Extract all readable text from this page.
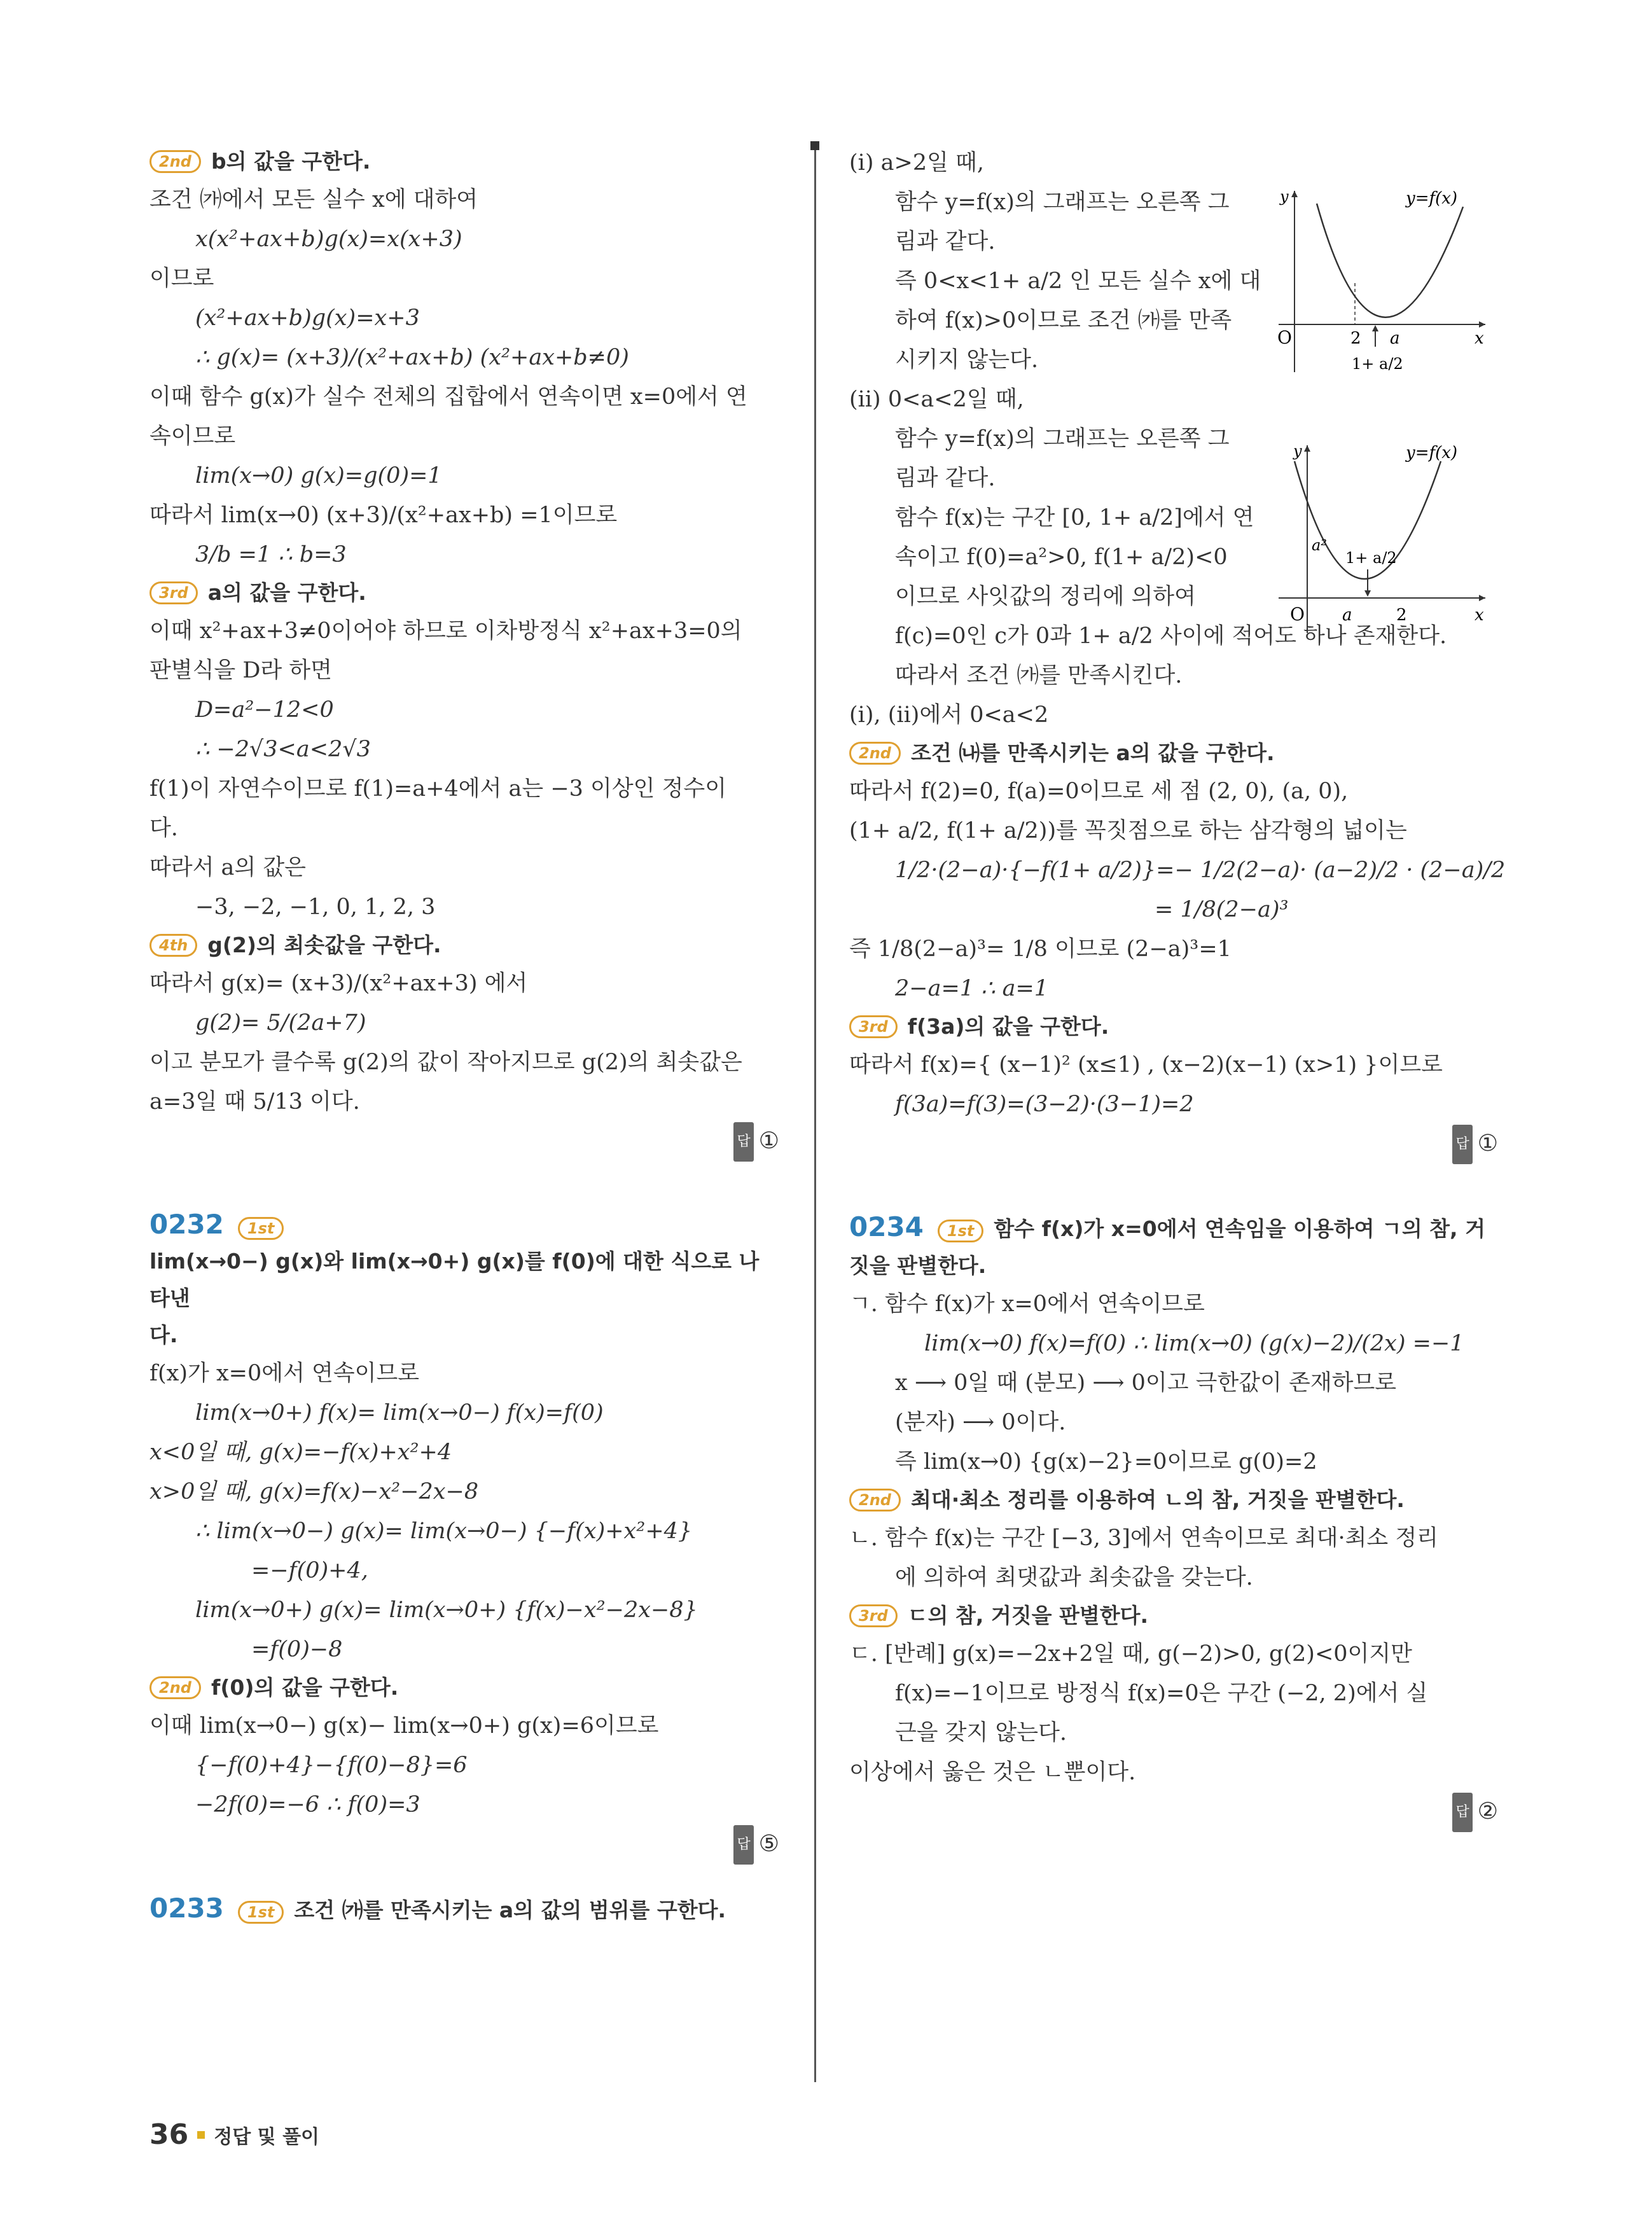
2nd b의 값을 구한다.
조건 ㈎에서 모든 실수 x에 대하여
x(x²+ax+b)g(x)=x(x+3)
이므로
(x²+ax+b)g(x)=x+3
∴ g(x)= (x+3)/(x²+ax+b) (x²+ax+b≠0)
이때 함수 g(x)가 실수 전체의 집합에서 연속이면 x=0에서 연
속이므로
lim(x→0) g(x)=g(0)=1
따라서 lim(x→0) (x+3)/(x²+ax+b) =1이므로
3/b =1 ∴ b=3
3rd a의 값을 구한다.
이때 x²+ax+3≠0이어야 하므로 이차방정식 x²+ax+3=0의
판별식을 D라 하면
D=a²−12<0
∴ −2√3<a<2√3
f(1)이 자연수이므로 f(1)=a+4에서 a는 −3 이상인 정수이
다.
따라서 a의 값은
−3, −2, −1, 0, 1, 2, 3
4th g(2)의 최솟값을 구한다.
따라서 g(x)= (x+3)/(x²+ax+3) 에서
g(2)= 5/(2a+7)
이고 분모가 클수록 g(2)의 값이 작아지므로 g(2)의 최솟값은
a=3일 때 5/13 이다.
답 ①
0232	1st
lim(x→0−) g(x)와 lim(x→0+) g(x)를 f(0)에 대한 식으로 나타낸
다.
f(x)가 x=0에서 연속이므로
lim(x→0+) f(x)= lim(x→0−) f(x)=f(0)
x<0일 때, g(x)=−f(x)+x²+4
x>0일 때, g(x)=f(x)−x²−2x−8
∴ lim(x→0−) g(x)= lim(x→0−) {−f(x)+x²+4}
=−f(0)+4,
lim(x→0+) g(x)= lim(x→0+) {f(x)−x²−2x−8}
=f(0)−8
2nd f(0)의 값을 구한다.
이때 lim(x→0−) g(x)− lim(x→0+) g(x)=6이므로
{−f(0)+4}−{f(0)−8}=6
−2f(0)=−6 ∴ f(0)=3
답 ⑤
0233	1st 조건 ㈎를 만족시키는 a의 값의 범위를 구한다.
(ⅰ) a>2일 때,
함수 y=f(x)의 그래프는 오른쪽 그
림과 같다.
즉 0<x<1+ a/2 인 모든 실수 x에 대
하여 f(x)>0이므로 조건 ㈎를 만족
시키지 않는다.
O	2 a	x
y	y=f(x)
1+ a/2
(ⅱ) 0<a<2일 때,
함수 y=f(x)의 그래프는 오른쪽 그
림과 같다.
함수 f(x)는 구간 [0, 1+ a/2]에서 연
속이고 f(0)=a²>0, f(1+ a/2)<0
이므로 사잇값의 정리에 의하여
f(c)=0인 c가 0과 1+ a/2 사이에 적어도 하나 존재한다.
따라서 조건 ㈎를 만족시킨다.
(ⅰ), (ⅱ)에서 0<a<2
O a	2	x
y
a²
y=f(x)
1+ a/2
2nd 조건 ㈏를 만족시키는 a의 값을 구한다.
따라서 f(2)=0, f(a)=0이므로 세 점 (2, 0), (a, 0),
(1+ a/2, f(1+ a/2))를 꼭짓점으로 하는 삼각형의 넓이는
1/2·(2−a)·{−f(1+ a/2)}=− 1/2(2−a)· (a−2)/2 · (2−a)/2
= 1/8(2−a)³
즉 1/8(2−a)³= 1/8 이므로 (2−a)³=1
2−a=1 ∴ a=1
3rd f(3a)의 값을 구한다.
따라서 f(x)={ (x−1)² (x≤1) , (x−2)(x−1) (x>1) }이므로
f(3a)=f(3)=(3−2)·(3−1)=2
답 ①
0234	1st 함수 f(x)가 x=0에서 연속임을 이용하여 ㄱ의 참, 거
짓을 판별한다.
ㄱ. 함수 f(x)가 x=0에서 연속이므로
lim(x→0) f(x)=f(0) ∴ lim(x→0) (g(x)−2)/(2x) =−1
x ⟶ 0일 때 (분모) ⟶ 0이고 극한값이 존재하므로
(분자) ⟶ 0이다.
즉 lim(x→0) {g(x)−2}=0이므로 g(0)=2
2nd 최대·최소 정리를 이용하여 ㄴ의 참, 거짓을 판별한다.
ㄴ. 함수 f(x)는 구간 [−3, 3]에서 연속이므로 최대·최소 정리
에 의하여 최댓값과 최솟값을 갖는다.
3rd ㄷ의 참, 거짓을 판별한다.
ㄷ. [반례] g(x)=−2x+2일 때, g(−2)>0, g(2)<0이지만
f(x)=−1이므로 방정식 f(x)=0은 구간 (−2, 2)에서 실
근을 갖지 않는다.
이상에서 옳은 것은 ㄴ뿐이다.
답 ②
36 정답 및 풀이
